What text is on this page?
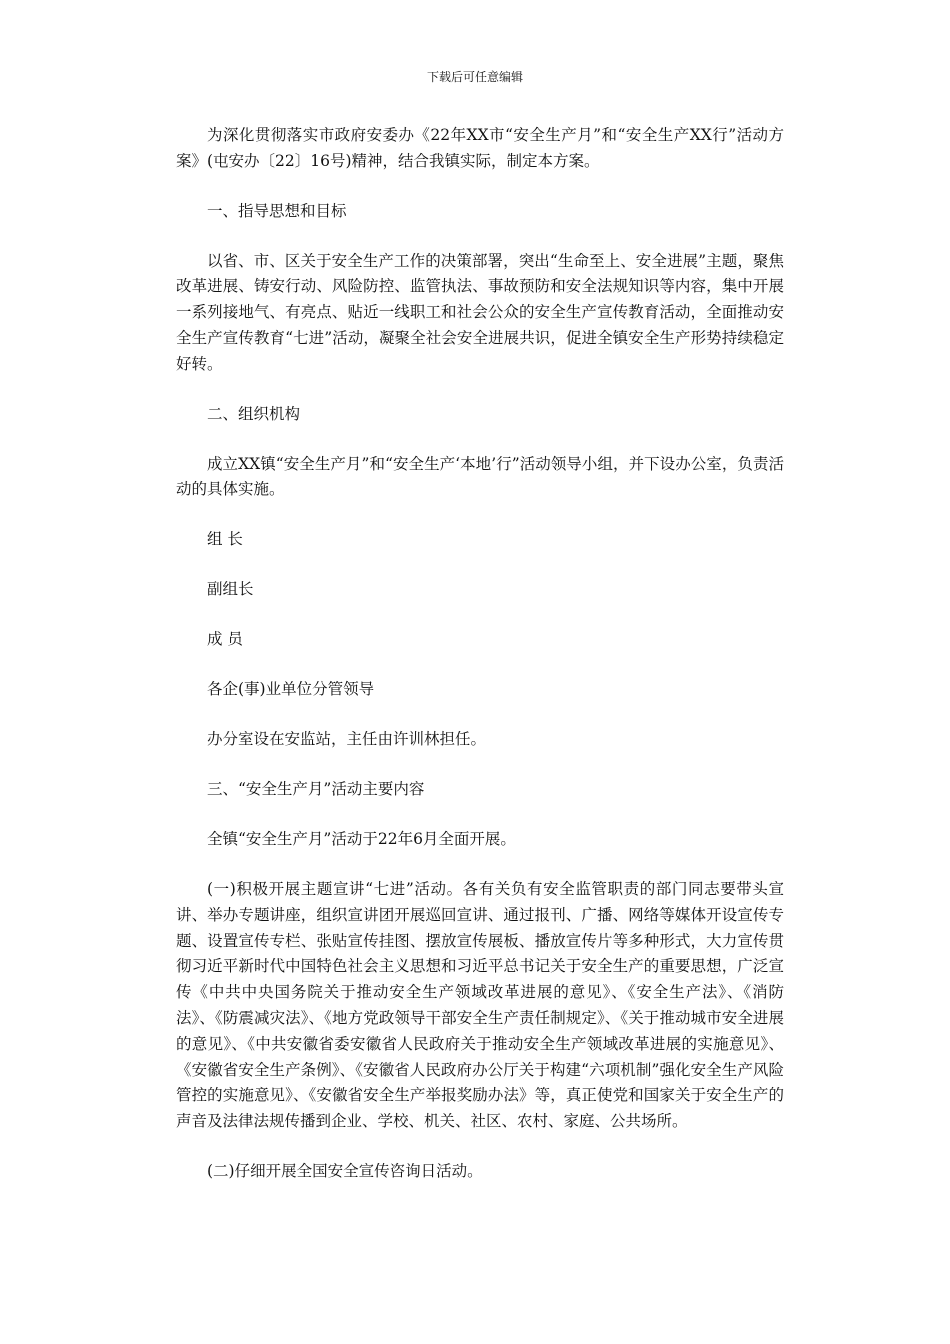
下载后可任意编辑

为深化贯彻落实市政府安委办《22年XX市“安全生产月”和“安全生产XX行”活动方案》(屯安办〔22〕16号)精神，结合我镇实际，制定本方案。

一、指导思想和目标

以省、市、区关于安全生产工作的决策部署，突出“生命至上、安全进展”主题，聚焦改革进展、铸安行动、风险防控、监管执法、事故预防和安全法规知识等内容，集中开展一系列接地气、有亮点、贴近一线职工和社会公众的安全生产宣传教育活动，全面推动安全生产宣传教育“七进”活动，凝聚全社会安全进展共识，促进全镇安全生产形势持续稳定好转。

二、组织机构

成立XX镇“安全生产月”和“安全生产‘本地’行”活动领导小组，并下设办公室，负责活动的具体实施。

组 长

副组长

成 员

各企(事)业单位分管领导

办分室设在安监站，主任由许训林担任。

三、“安全生产月”活动主要内容

全镇“安全生产月”活动于22年6月全面开展。

(一)积极开展主题宣讲“七进”活动。各有关负有安全监管职责的部门同志要带头宣讲、举办专题讲座，组织宣讲团开展巡回宣讲、通过报刊、广播、网络等媒体开设宣传专题、设置宣传专栏、张贴宣传挂图、摆放宣传展板、播放宣传片等多种形式，大力宣传贯彻习近平新时代中国特色社会主义思想和习近平总书记关于安全生产的重要思想，广泛宣传《中共中央国务院关于推动安全生产领域改革进展的意见》、《安全生产法》、《消防法》、《防震减灾法》、《地方党政领导干部安全生产责任制规定》、《关于推动城市安全进展的意见》、《中共安徽省委安徽省人民政府关于推动安全生产领域改革进展的实施意见》、《安徽省安全生产条例》、《安徽省人民政府办公厅关于构建“六项机制”强化安全生产风险管控的实施意见》、《安徽省安全生产举报奖励办法》等，真正使党和国家关于安全生产的声音及法律法规传播到企业、学校、机关、社区、农村、家庭、公共场所。

(二)仔细开展全国安全宣传咨询日活动。
